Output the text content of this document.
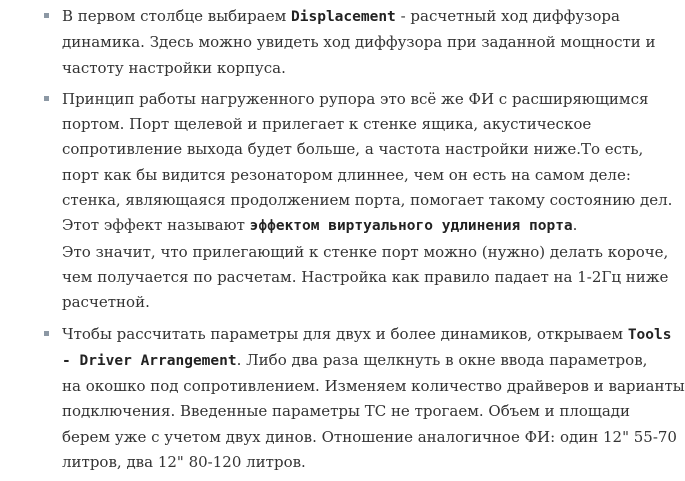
В первом столбце выбираем Displacement - расчетный ход диффузора
динамика. Здесь можно увидеть ход диффузора при заданной мощности и
частоту настройки корпуса.
Принцип работы нагруженного рупора это всё же ФИ с расширяющимся
портом. Порт щелевой и прилегает к стенке ящика, акустическое
сопротивление выхода будет больше, а частота настройки ниже.То есть,
порт как бы видится резонатором длиннее, чем он есть на самом деле:
стенка, являющаяся продолжением порта, помогает такому состоянию дел.
Этот эффект называют эффектом виртуального удлинения порта.
Это значит, что прилегающий к стенке порт можно (нужно) делать короче,
чем получается по расчетам. Настройка как правило падает на 1-2Гц ниже
расчетной.
Чтобы рассчитать параметры для двух и более динамиков, открываем Tools
- Driver Arrangement. Либо два раза щелкнуть в окне ввода параметров,
на окошко под сопротивлением. Изменяем количество драйверов и варианты
подключения. Введенные параметры ТС не трогаем. Объем и площади
берем уже с учетом двух динов. Отношение аналогичное ФИ: один 12" 55-70
литров, два 12" 80-120 литров.
